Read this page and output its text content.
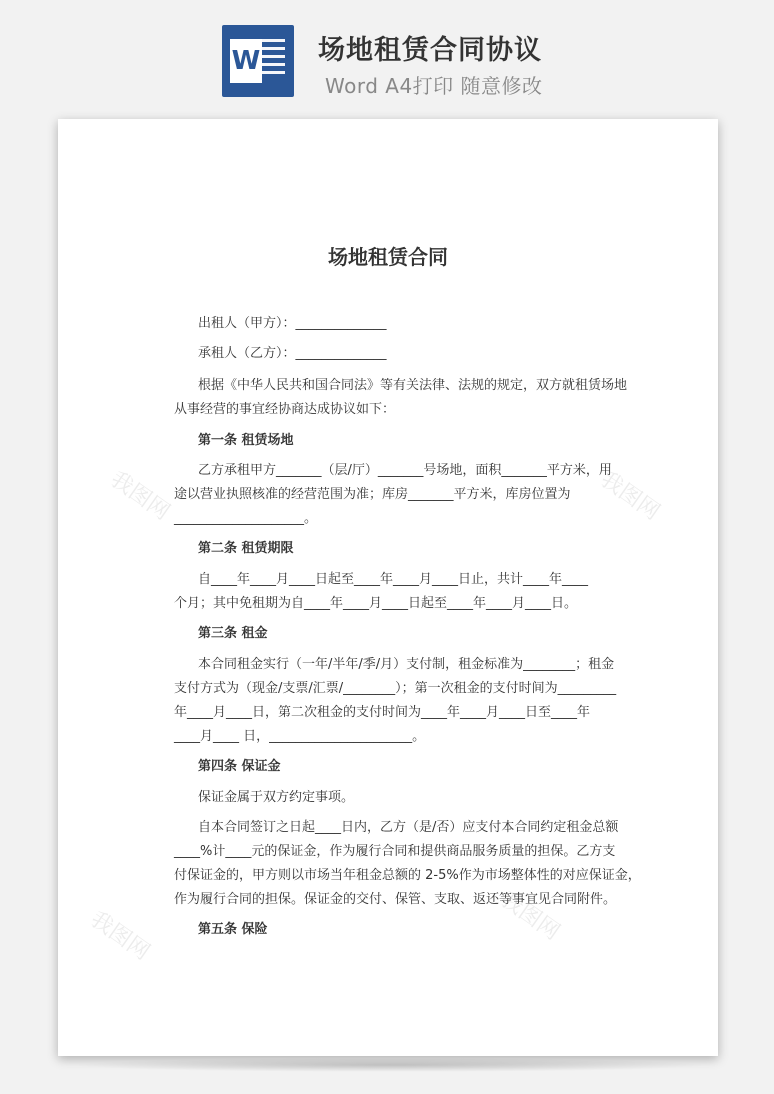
W 场地租赁合同协议
Word A4打印 随意修改
我图网	我图网
我图网	我图网
场地租赁合同
出租人（甲方）：______________
承租人（乙方）：______________
根据《中华人民共和国合同法》等有关法律、法规的规定，双方就租赁场地
从事经营的事宜经协商达成协议如下：
第一条 租赁场地
乙方承租甲方_______（层/厅）_______号场地，面积_______平方米，用
途以营业执照核准的经营范围为准；库房_______平方米，库房位置为
____________________。
第二条 租赁期限
自____年____月____日起至____年____月____日止，共计____年____
个月；其中免租期为自____年____月____日起至____年____月____日。
第三条 租金
本合同租金实行（一年/半年/季/月）支付制，租金标准为________；租金
支付方式为（现金/支票/汇票/________）；第一次租金的支付时间为_________
年____月____日，第二次租金的支付时间为____年____月____日至____年
____月____ 日，______________________。
第四条 保证金
保证金属于双方约定事项。
自本合同签订之日起____日内，乙方（是/否）应支付本合同约定租金总额
____%计____元的保证金，作为履行合同和提供商品服务质量的担保。乙方支
付保证金的，甲方则以市场当年租金总额的 2-5%作为市场整体性的对应保证金，
作为履行合同的担保。保证金的交付、保管、支取、返还等事宜见合同附件。
第五条 保险
